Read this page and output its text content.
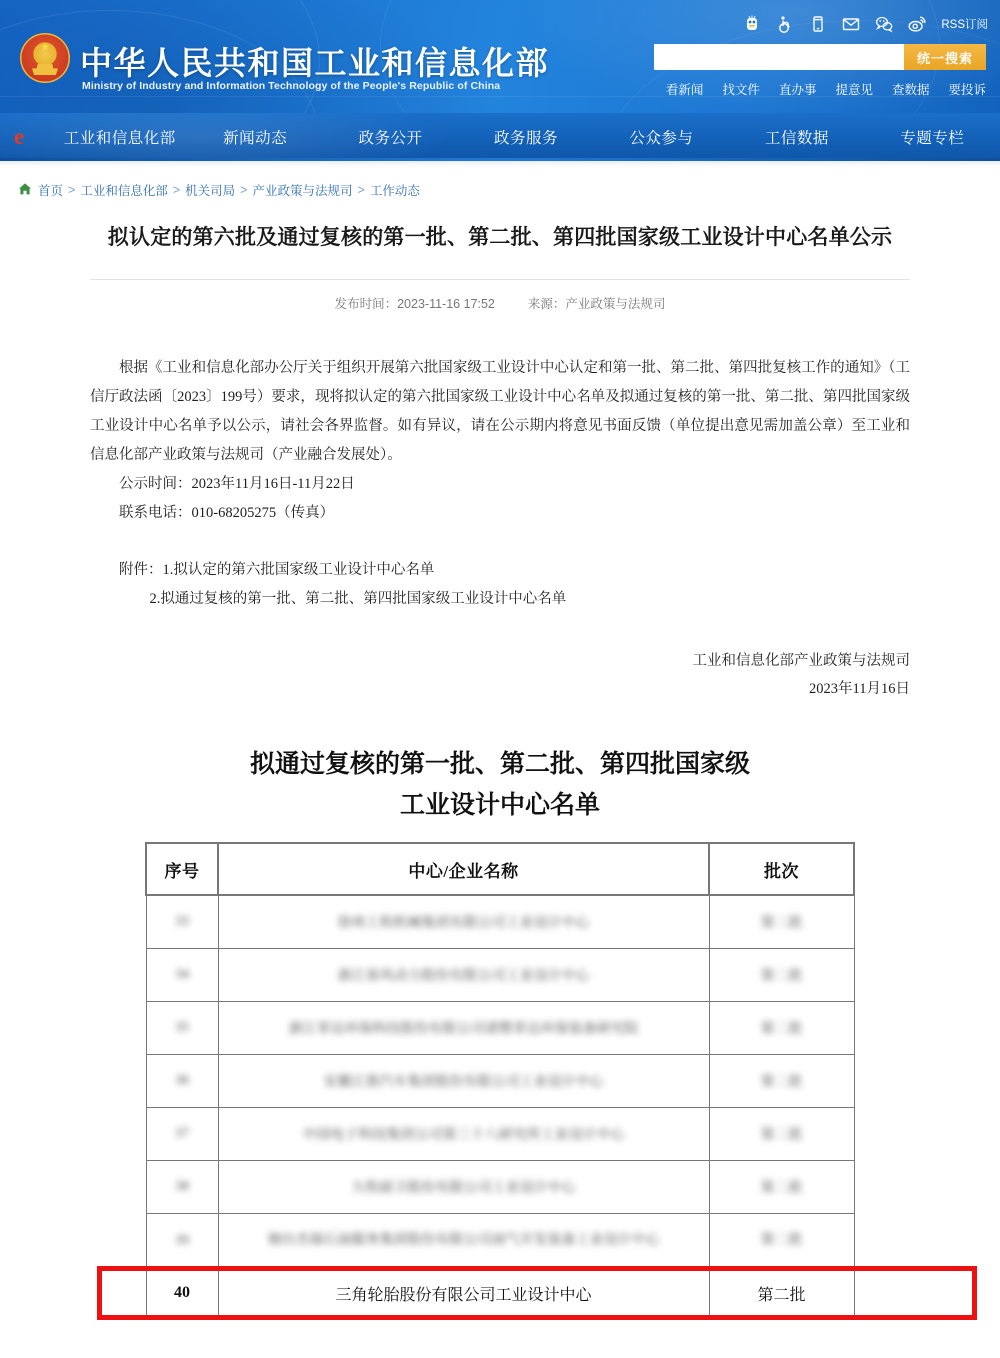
★ 中华人民共和国工业和信息化部
Ministry of Industry and Information Technology of the People's Republic of China
RSS订阅
统一搜索
看新闻 找文件 直办事 提意见 查数据 要投诉
e	工业和信息化部	新闻动态	政务公开	政务服务	公众参与	工信数据	专题专栏
首页 > 工业和信息化部 > 机关司局 > 产业政策与法规司 > 工作动态
拟认定的第六批及通过复核的第一批、第二批、第四批国家级工业设计中心名单公示
发布时间：2023-11-16 17:52	来源：产业政策与法规司

根据《工业和信息化部办公厅关于组织开展第六批国家级工业设计中心认定和第一批、第二批、第四批复核工作的通知》（工信厅政法函〔2023〕199号）要求，现将拟认定的第六批国家级工业设计中心名单及拟通过复核的第一批、第二批、第四批国家级工业设计中心名单予以公示，请社会各界监督。如有异议，请在公示期内将意见书面反馈（单位提出意见需加盖公章）至工业和信息化部产业政策与法规司（产业融合发展处）。

公示时间：2023年11月16日-11月22日

联系电话：010-68205275（传真）

附件：1.拟认定的第六批国家级工业设计中心名单

2.拟通过复核的第一批、第二批、第四批国家级工业设计中心名单

工业和信息化部产业政策与法规司
2023年11月16日
拟通过复核的第一批、第二批、第四批国家级
工业设计中心名单
序号	中心/企业名称	批次
33	徐州工程机械集团有限公司工业设计中心	第二批
34	浙江春风动力股份有限公司工业设计中心	第二批
35	浙江菲达环保科技股份有限公司诸暨菲达环保装备研究院	第二批
36	安徽江淮汽车集团股份有限公司工业设计中心	第二批
37	中国电子科技集团公司第三十八研究所工业设计中心	第二批
38	九牧厨卫股份有限公司工业设计中心	第二批
39	烟台杰瑞石油服务集团股份有限公司油气开发装备工业设计中心	第二批
40	三角轮胎股份有限公司工业设计中心	第二批
